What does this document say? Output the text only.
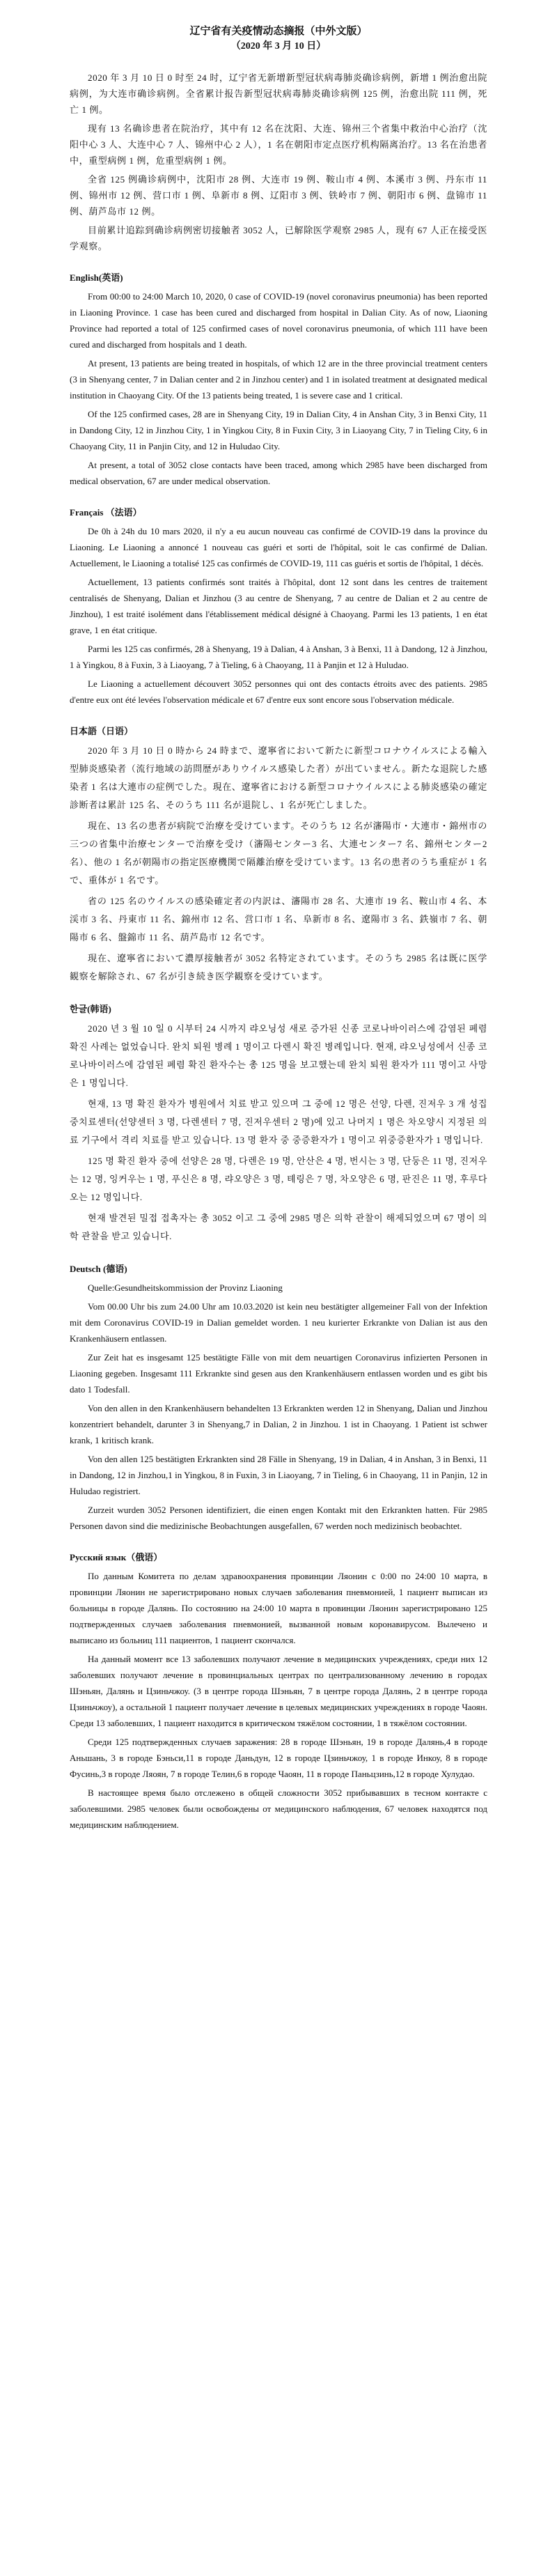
辽宁省有关疫情动态摘报（中外文版）
（2020 年 3 月 10 日）

2020 年 3 月 10 日 0 时至 24 时，辽宁省无新增新型冠状病毒肺炎确诊病例，新增 1 例治愈出院病例，为大连市确诊病例。全省累计报告新型冠状病毒肺炎确诊病例 125 例，治愈出院 111 例，死亡 1 例。

现有 13 名确诊患者在院治疗，其中有 12 名在沈阳、大连、锦州三个省集中救治中心治疗（沈阳中心 3 人、大连中心 7 人、锦州中心 2 人），1 名在朝阳市定点医疗机构隔离治疗。13 名在治患者中，重型病例 1 例，危重型病例 1 例。

全省 125 例确诊病例中，沈阳市 28 例、大连市 19 例、鞍山市 4 例、本溪市 3 例、丹东市 11 例、锦州市 12 例、营口市 1 例、阜新市 8 例、辽阳市 3 例、铁岭市 7 例、朝阳市 6 例、盘锦市 11 例、葫芦岛市 12 例。

目前累计追踪到确诊病例密切接触者 3052 人，已解除医学观察 2985 人，现有 67 人正在接受医学观察。

English(英语)

From 00:00 to 24:00 March 10, 2020, 0 case of COVID-19 (novel coronavirus pneumonia) has been reported in Liaoning Province. 1 case has been cured and discharged from hospital in Dalian City. As of now, Liaoning Province had reported a total of 125 confirmed cases of novel coronavirus pneumonia, of which 111 have been cured and discharged from hospitals and 1 death.

At present, 13 patients are being treated in hospitals, of which 12 are in the three provincial treatment centers (3 in Shenyang center, 7 in Dalian center and 2 in Jinzhou center) and 1 in isolated treatment at designated medical institution in Chaoyang City. Of the 13 patients being treated, 1 is severe case and 1 critical.

Of the 125 confirmed cases, 28 are in Shenyang City, 19 in Dalian City, 4 in Anshan City, 3 in Benxi City, 11 in Dandong City, 12 in Jinzhou City, 1 in Yingkou City, 8 in Fuxin City, 3 in Liaoyang City, 7 in Tieling City, 6 in Chaoyang City, 11 in Panjin City, and 12 in Huludao City.

At present, a total of 3052 close contacts have been traced, among which 2985 have been discharged from medical observation, 67 are under medical observation.

Français （法语）

De 0h à 24h du 10 mars 2020, il n'y a eu aucun nouveau cas confirmé de COVID-19 dans la province du Liaoning. Le Liaoning a annoncé 1 nouveau cas guéri et sorti de l'hôpital, soit le cas confirmé de Dalian. Actuellement, le Liaoning a totalisé 125 cas confirmés de COVID-19, 111 cas guéris et sortis de l'hôpital, 1 décès.

Actuellement, 13 patients confirmés sont traités à l'hôpital, dont 12 sont dans les centres de traitement centralisés de Shenyang, Dalian et Jinzhou (3 au centre de Shenyang, 7 au centre de Dalian et 2 au centre de Jinzhou), 1 est traité isolément dans l'établissement médical désigné à Chaoyang. Parmi les 13 patients, 1 en état grave, 1 en état critique.

Parmi les 125 cas confirmés, 28 à Shenyang, 19 à Dalian, 4 à Anshan, 3 à Benxi, 11 à Dandong, 12 à Jinzhou, 1 à Yingkou, 8 à Fuxin, 3 à Liaoyang, 7 à Tieling, 6 à Chaoyang, 11 à Panjin et 12 à Huludao.

Le Liaoning a actuellement découvert 3052 personnes qui ont des contacts étroits avec des patients. 2985 d'entre eux ont été levées l'observation médicale et 67 d'entre eux sont encore sous l'observation médicale.

日本語（日语）

2020 年 3 月 10 日 0 時から 24 時まで、遼寧省において新たに新型コロナウイルスによる輸入型肺炎感染者（流行地域の訪問歴がありウイルス感染した者）が出ていません。新たな退院した感染者 1 名は大連市の症例でした。現在、遼寧省における新型コロナウイルスによる肺炎感染の確定診断者は累計 125 名、そのうち 111 名が退院し、1 名が死亡しました。

現在、13 名の患者が病院で治療を受けています。そのうち 12 名が瀋陽市・大連市・錦州市の三つの省集中治療センターで治療を受け（瀋陽センター3 名、大連センター7 名、錦州センター2 名）、他の 1 名が朝陽市の指定医療機関で隔離治療を受けています。13 名の患者のうち重症が 1 名で、重体が 1 名です。

省の 125 名のウイルスの感染確定者の内訳は、瀋陽市 28 名、大連市 19 名、鞍山市 4 名、本渓市 3 名、丹東市 11 名、錦州市 12 名、営口市 1 名、阜新市 8 名、遼陽市 3 名、鉄嶺市 7 名、朝陽市 6 名、盤錦市 11 名、葫芦島市 12 名です。

現在、遼寧省において濃厚接触者が 3052 名特定されています。そのうち 2985 名は既に医学観察を解除され、67 名が引き続き医学観察を受けています。

한글(韩语)

2020 년 3 월 10 일 0 시부터 24 시까지 랴오닝성 새로 증가된 신종 코로나바이러스에 감염된 폐렴 확진 사례는 없었습니다. 완치 퇴원 병례 1 명이고 다렌시 확진 병례입니다. 현재, 랴오닝성에서 신종 코로나바이러스에 감염된 폐렴 확진 환자수는 총 125 명을 보고했는데 완치 퇴원 환자가 111 명이고 사망은 1 명입니다.

현재, 13 명 확진 환자가 병원에서 치료 받고 있으며 그 중에 12 명은 선양, 다렌, 진저우 3 개 성집중치료센터(선양센터 3 명, 다렌센터 7 명, 진저우센터 2 명)에 있고 나머지 1 명은 차오양시 지정된 의료 기구에서 격리 치료를 받고 있습니다. 13 명 환자 중 중증환자가 1 명이고 위중증환자가 1 명입니다.

125 명 확진 환자 중에 선양은 28 명, 다렌은 19 명, 안산은 4 명, 번시는 3 명, 단둥은 11 명, 진저우는 12 명, 잉커우는 1 명, 푸신은 8 명, 랴오양은 3 명, 톄링은 7 명, 차오양은 6 명, 판진은 11 명, 후루다오는 12 명입니다.

현재 발견된 밀접 접촉자는 총 3052 이고 그 중에 2985 명은 의학 관찰이 해제되었으며 67 명이 의학 관찰을 받고 있습니다.

Deutsch (德语)

Quelle:Gesundheitskommission der Provinz Liaoning

Vom 00.00 Uhr bis zum 24.00 Uhr am 10.03.2020 ist kein neu bestätigter allgemeiner Fall von der Infektion mit dem Coronavirus COVID-19 in Dalian gemeldet worden. 1 neu kurierter Erkrankte von Dalian ist aus den Krankenhäusern entlassen.

Zur Zeit hat es insgesamt 125 bestätigte Fälle von mit dem neuartigen Coronavirus infizierten Personen in Liaoning gegeben. Insgesamt 111 Erkrankte sind gesen aus den Krankenhäusern entlassen worden und es gibt bis dato 1 Todesfall.

Von den allen in den Krankenhäusern behandelten 13 Erkrankten werden 12 in Shenyang, Dalian und Jinzhou konzentriert behandelt, darunter 3 in Shenyang,7 in Dalian, 2 in Jinzhou. 1 ist in Chaoyang. 1 Patient ist schwer krank, 1 kritisch krank.

Von den allen 125 bestätigten Erkrankten sind 28 Fälle in Shenyang, 19 in Dalian, 4 in Anshan, 3 in Benxi, 11 in Dandong, 12 in Jinzhou,1 in Yingkou, 8 in Fuxin, 3 in Liaoyang, 7 in Tieling, 6 in Chaoyang, 11 in Panjin, 12 in Huludao registriert.

Zurzeit wurden 3052 Personen identifiziert, die einen engen Kontakt mit den Erkrankten hatten. Für 2985 Personen davon sind die medizinische Beobachtungen ausgefallen, 67 werden noch medizinisch beobachtet.

Русский язык（俄语）

По данным Комитета по делам здравоохранения провинции Ляонин с 0:00 по 24:00 10 марта, в провинции Ляонин не зарегистрировано новых случаев заболевания пневмонией, 1 пациент выписан из больницы в городе Далянь. По состоянию на 24:00 10 марта в провинции Ляонин зарегистрировано 125 подтвержденных случаев заболевания пневмонией, вызванной новым коронавирусом. Вылечено и выписано из больниц 111 пациентов, 1 пациент скончался.

На данный момент все 13 заболевших получают лечение в медицинских учреждениях, среди них 12 заболевших получают лечение в провинциальных центрах по централизованному лечению в городах Шэньян, Далянь и Цзиньчжоу. (3 в центре города Шэньян, 7 в центре города Далянь, 2 в центре города Цзиньчжоу), а остальной 1 пациент получает лечение в целевых медицинских учреждениях в городе Чаоян. Среди 13 заболевших, 1 пациент находится в критическом тяжёлом состоянии, 1 в тяжёлом состоянии.

Среди 125 подтвержденных случаев заражения: 28 в городе Шэньян, 19 в городе Далянь,4 в городе Аньшань, 3 в городе Бэньси,11 в городе Даньдун, 12 в городе Цзиньчжоу, 1 в городе Инкоу, 8 в городе Фусинь,3 в городе Ляоян, 7 в городе Телин,6 в городе Чаоян, 11 в городе Паньцзинь,12 в городе Хулудао.

В настоящее время было отслежено в общей сложности 3052 прибывавших в тесном контакте с заболевшими. 2985 человек были освобождены от медицинского наблюдения, 67 человек находятся под медицинским наблюдением.
